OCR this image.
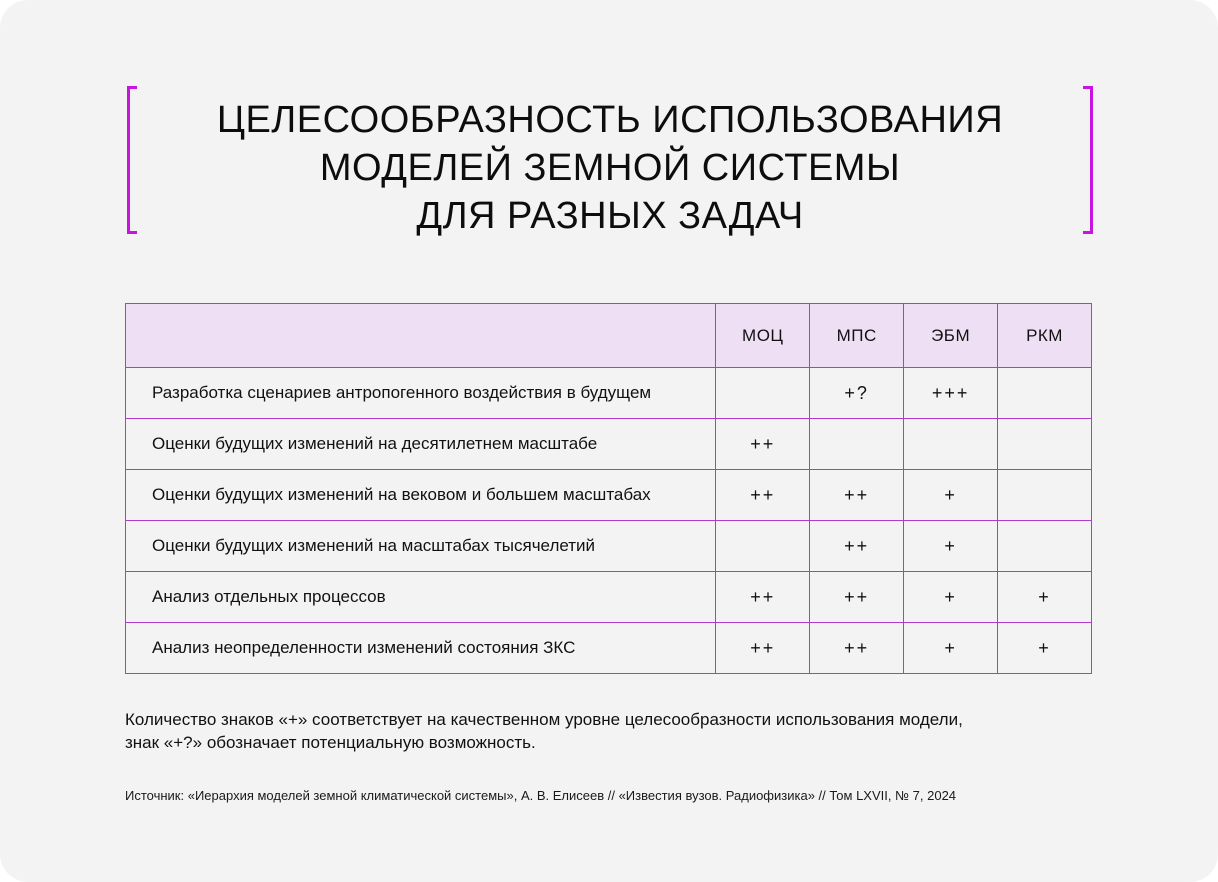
ЦЕЛЕСООБРАЗНОСТЬ ИСПОЛЬЗОВАНИЯ
МОДЕЛЕЙ ЗЕМНОЙ СИСТЕМЫ
ДЛЯ РАЗНЫХ ЗАДАЧ
	МОЦ	МПС	ЭБМ	РКМ
Разработка сценариев антропогенного воздействия в будущем		+?	+++	
Оценки будущих изменений на десятилетнем масштабе	++			
Оценки будущих изменений на вековом и большем масштабах	++	++	+	
Оценки будущих изменений на масштабах тысячелетий		++	+	
Анализ отдельных процессов	++	++	+	+
Анализ неопределенности изменений состояния ЗКС	++	++	+	+
Количество знаков «+» соответствует на качественном уровне целесообразности использования модели,
знак «+?» обозначает потенциальную возможность.
Источник: «Иерархия моделей земной климатической системы», А. В. Елисеев // «Известия вузов. Радиофизика» // Том LXVII, № 7, 2024
